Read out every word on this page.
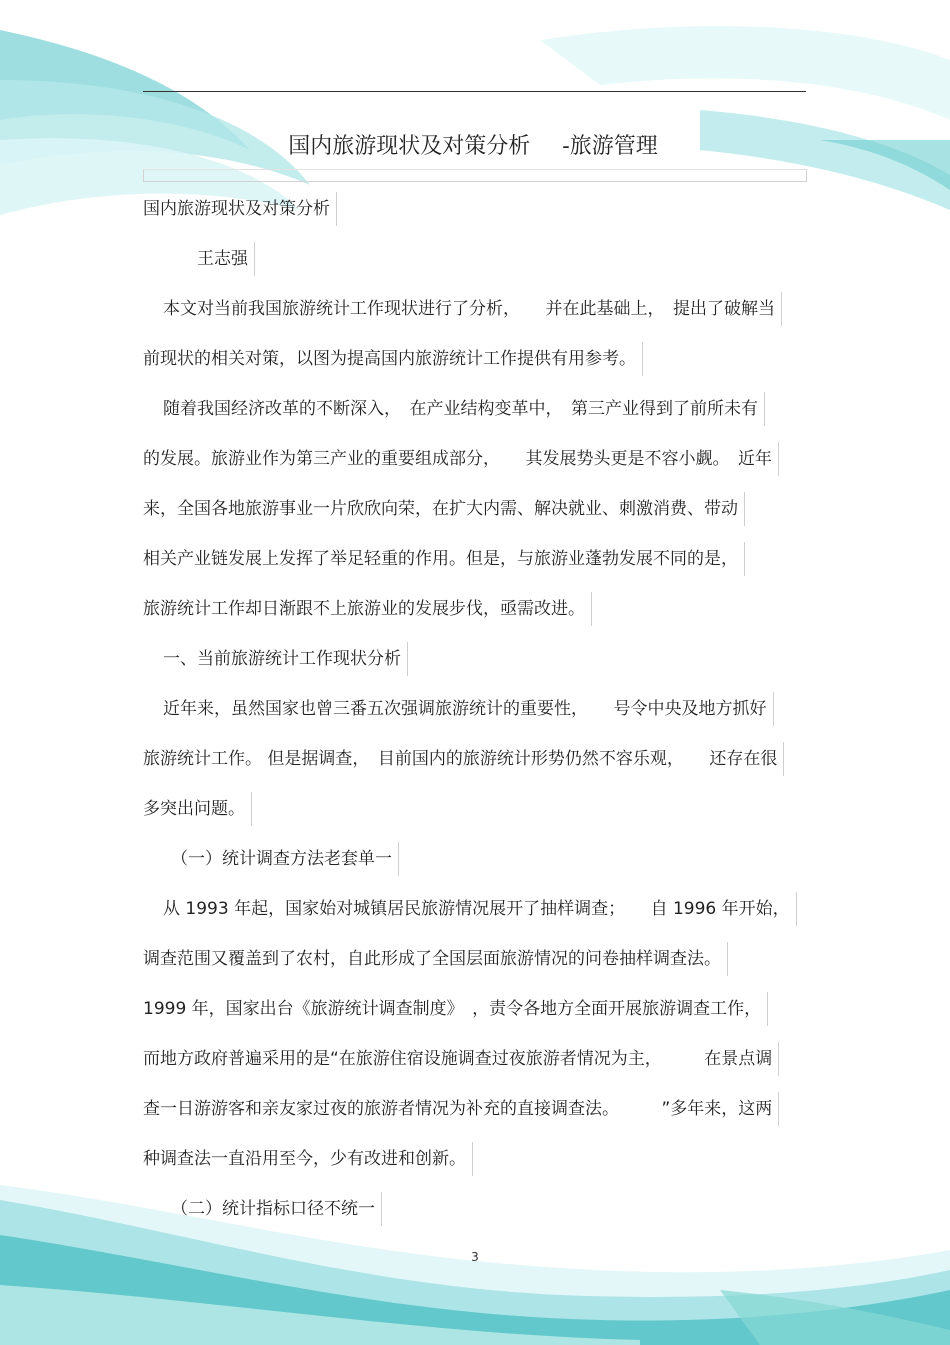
国内旅游现状及对策分析 -旅游管理
国内旅游现状及对策分析
王志强
本文对当前我国旅游统计工作现状进行了分析，　　并在此基础上，　提出了破解当
前现状的相关对策，以图为提高国内旅游统计工作提供有用参考。
随着我国经济改革的不断深入，　在产业结构变革中，　第三产业得到了前所未有
的发展。旅游业作为第三产业的重要组成部分，　　其发展势头更是不容小觑。　近年
来，全国各地旅游事业一片欣欣向荣，在扩大内需、解决就业、刺激消费、带动
相关产业链发展上发挥了举足轻重的作用。但是，与旅游业蓬勃发展不同的是，
旅游统计工作却日渐跟不上旅游业的发展步伐，亟需改进。
一、当前旅游统计工作现状分析
近年来，虽然国家也曾三番五次强调旅游统计的重要性，　　号令中央及地方抓好
旅游统计工作。 但是据调查，　目前国内的旅游统计形势仍然不容乐观，　　还存在很
多突出问题。
（一）统计调查方法老套单一
从 1993 年起，国家始对城镇居民旅游情况展开了抽样调查；　　自 1996 年开始，
调查范围又覆盖到了农村，自此形成了全国层面旅游情况的问卷抽样调查法。
1999 年，国家出台《旅游统计调查制度》　，责令各地方全面开展旅游调查工作，
而地方政府普遍采用的是“在旅游住宿设施调查过夜旅游者情况为主，　　　在景点调
查一日游游客和亲友家过夜的旅游者情况为补充的直接调查法。　　　”多年来，这两
种调查法一直沿用至今，少有改进和创新。
（二）统计指标口径不统一
3
